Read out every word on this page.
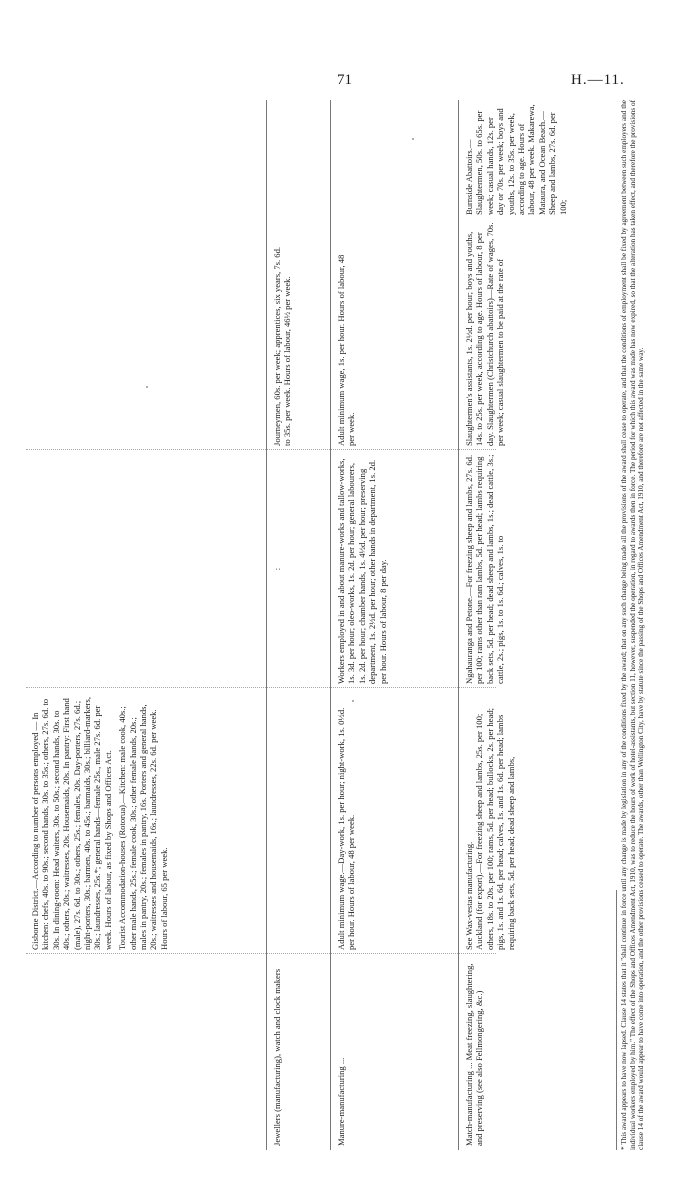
71	H.—11.

Gisborne District.—According to number of persons employed — In kitchen: chefs, 40s. to 90s.; second hands, 30s. to 35s.; others, 27s. 6d. to 30s. In dining-room: Head waiters, 30s. to 50s.; second hands, 30s. to 40s.; others, 20s.; waitresses, 20s. Housemaids, 20s. In pantry: First hand (male), 27s. 6d. to 30s.; others, 25s.; females, 20s. Day-porters, 27s. 6d.; night-porters, 30s.; barmen, 40s. to 45s.; barmaids, 30s.; billiard-markers, 30s.; laundresses, 25s.*; general hands—female 25s., male 27s. 6d. per week. Hours of labour, as fixed by Shops and Offices Act. Tourist Accommodation-houses (Rotorua).—Kitchen: male cook, 40s.; other male hands, 25s.; female cook, 30s.; other female hands, 20s.; males in pantry, 20s.; females in pantry, 16s. Porters and general hands, 20s.; waitresses and housemaids, 16s.; laundresses, 22s. 6d. per week. Hours of labour, 65 per week.

Jewellers (manufacturing), watch and clock makers

:

Journeymen, 60s. per week; apprentices, six years, 7s. 6d. to 35s. per week. Hours of labour, 46½ per week.

Manure-manufacturing ...

Adult minimum wage.—Day-work, 1s. per hour; night-work, 1s. 0½d. per hour. Hours of labour, 48 per week.

Workers employed in and about manure-works and tallow-works, 1s. 3d. per hour; oleo-works, 1s. 2d. per hour; general labourers, 1s. 2d. per hour; chamber hands, 1s. 4½d. per hour; preserving department, 1s. 2½d. per hour; other hands in department, 1s. 2d. per hour. Hours of labour, 8 per day.

Adult minimum wage, 1s. per hour. Hours of labour, 48 per week.

Match-manufacturing ... Meat freezing, slaughtering, and preserving (see also Fellmongering, &c.)

See Wax-vestas manufacturing. Auckland (for export).—For freezing sheep and lambs, 25s. per 100; others, 18s. to 20s. per 100; rams, 5d. per head; bullocks, 2s. per head; pigs, 1s. and 1s. 6d. per head; calves, 1s. and 1s. 6d. per head; lambs requiring back sets, 5d. per head; dead sheep and lambs,

Ngahauranga and Petone.—For freezing sheep and lambs, 27s. 6d. per 100; rams other than ram lambs, 5d. per head; lambs requiring back sets, 5d. per head; dead sheep and lambs, 1s.; dead cattle, 3s.; cattle, 2s.; pigs, 1s. to 1s. 6d.; calves, 1s. to

Slaughtermen's assistants, 1s. 2½d. per hour; boys and youths, 14s. to 25s. per week, according to age. Hours of labour, 8 per day. Slaughtermen (Christchurch abattoirs)—Rate of wages, 70s. per week; casual slaughtermen to be paid at the rate of

Burnside Abattoirs.—Slaughtermen, 50s. to 65s. per week; casual hands, 12s. per day or 70s. per week; boys and youths, 12s. to 35s. per week, according to age. Hours of labour, 48 per week. Makarewa, Mataura, and Ocean Beach.—Sheep and lambs, 27s. 6d. per 100;	* This award appears to have now lapsed. Clause 14 states that it "shall continue in force until any change is made by legislation in any of the conditions fixed by the award; that on any such change being made all the provisions of the award shall cease to operate, and that the conditions of employment shall be fixed by agreement between such employers and the individual workers employed by him." The effect of the Shops and Offices Amendment Act, 1910, was to reduce the hours of work of hotel-assistants, but section 11, however, suspended the operation, in regard to awards then in force. The period for which this award was made has now expired, so that the alteration has taken effect, and therefore the provisions of clause 14 of the award would appear to have come into operation, and the other provisions ceased to operate. The awards, other than Wellington City, have by statute since the passing of the Shops and Offices Amendment Act, 1910, and therefore are not affected in the same way.
